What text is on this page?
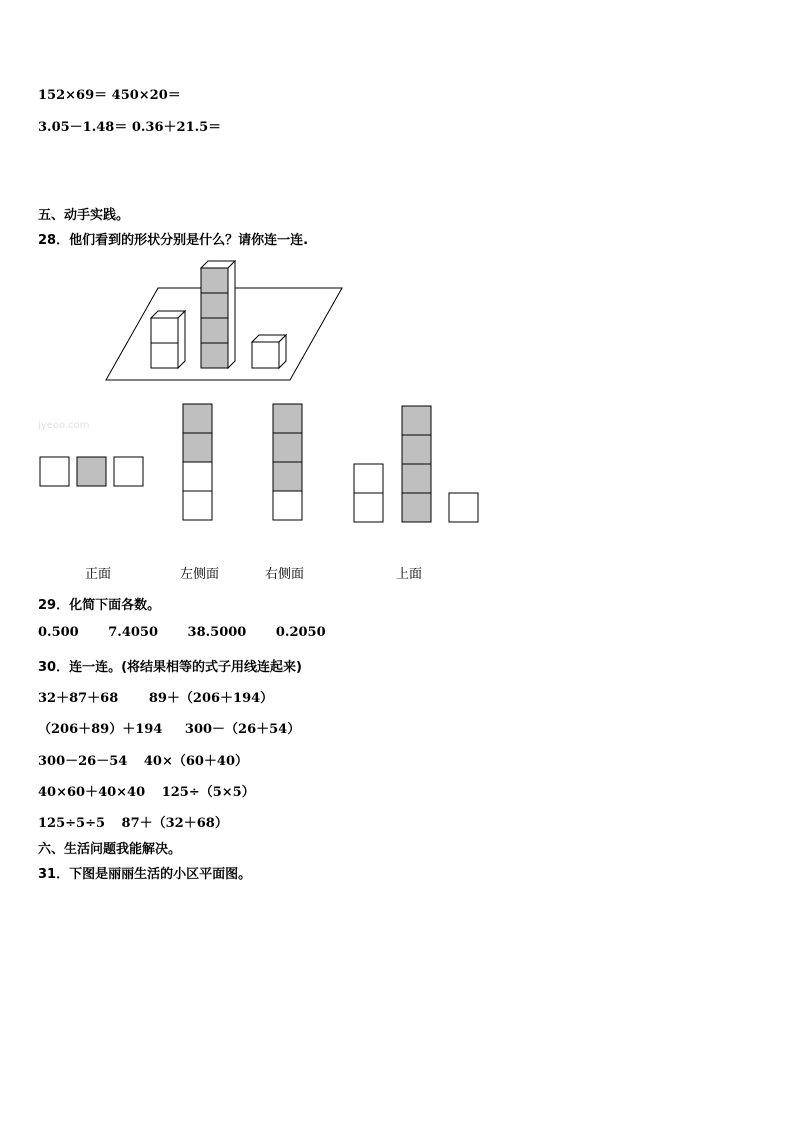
152×69＝ 450×20＝
3.05－1.48＝ 0.36＋21.5＝
五、动手实践。
28．他们看到的形状分别是什么？请你连一连.
jyeoo.com
正面	左侧面	右侧面	上面
29．化简下面各数。
0.500 7.4050 38.5000 0.2050
30．连一连。(将结果相等的式子用线连起来)
32＋87＋68 89＋（206＋194）
（206＋89）＋194 300－（26＋54）
300－26－54 40×（60＋40）
40×60＋40×40 125÷（5×5）
125÷5÷5 87＋（32＋68）
六、生活问题我能解决。
31．下图是丽丽生活的小区平面图。
